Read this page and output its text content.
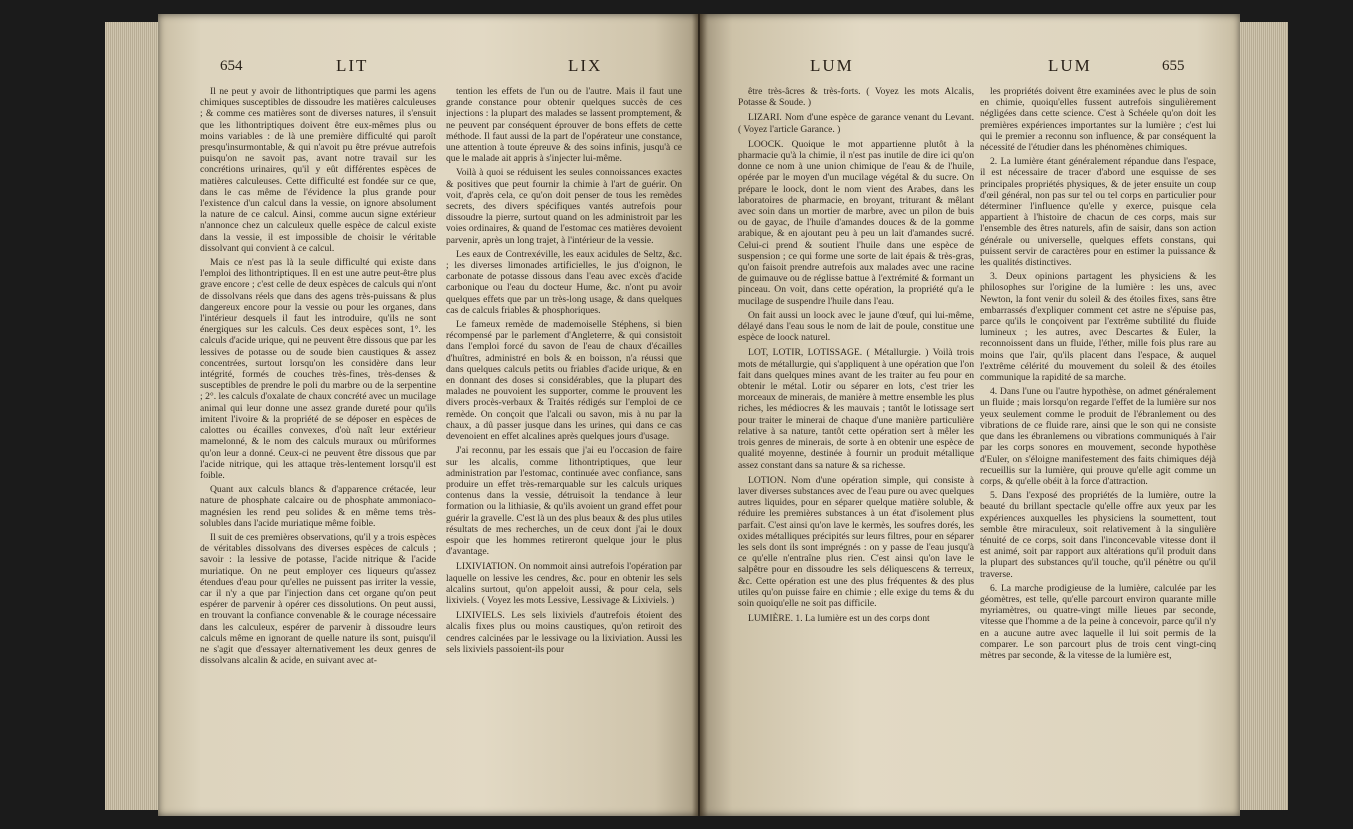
654	LIT	LIX

Il ne peut y avoir de lithontriptiques que parmi les agens chimiques susceptibles de dissoudre les matières calculeuses ; & comme ces matières sont de diverses natures, il s'ensuit que les lithontriptiques doivent être eux-mêmes plus ou moins variables : de là une première difficulté qui paroît presqu'insurmontable, & qui n'avoit pu être prévue autrefois puisqu'on ne savoit pas, avant notre travail sur les concrétions urinaires, qu'il y eût différentes espèces de matières calculeuses. Cette difficulté est fondée sur ce que, dans le cas même de l'évidence la plus grande pour l'existence d'un calcul dans la vessie, on ignore absolument la nature de ce calcul. Ainsi, comme aucun signe extérieur n'annonce chez un calculeux quelle espèce de calcul existe dans la vessie, il est impossible de choisir le véritable dissolvant qui convient à ce calcul.

Mais ce n'est pas là la seule difficulté qui existe dans l'emploi des lithontriptiques. Il en est une autre peut-être plus grave encore ; c'est celle de deux espèces de calculs qui n'ont de dissolvans réels que dans des agens très-puissans & plus dangereux encore pour la vessie ou pour les organes, dans l'intérieur desquels il faut les introduire, qu'ils ne sont énergiques sur les calculs. Ces deux espèces sont, 1°. les calculs d'acide urique, qui ne peuvent être dissous que par les lessives de potasse ou de soude bien caustiques & assez concentrées, surtout lorsqu'on les considère dans leur intégrité, formés de couches très-fines, très-denses & susceptibles de prendre le poli du marbre ou de la serpentine ; 2°. les calculs d'oxalate de chaux concrété avec un mucilage animal qui leur donne une assez grande dureté pour qu'ils imitent l'ivoire & la propriété de se déposer en espèces de calottes ou écailles convexes, d'où naît leur extérieur mamelonné, & le nom des calculs muraux ou mûriformes qu'on leur a donné. Ceux-ci ne peuvent être dissous que par l'acide nitrique, qui les attaque très-lentement lorsqu'il est foible.

Quant aux calculs blancs & d'apparence crétacée, leur nature de phosphate calcaire ou de phosphate ammoniaco-magnésien les rend peu solides & en même tems très-solubles dans l'acide muriatique même foible.

Il suit de ces premières observations, qu'il y a trois espèces de véritables dissolvans des diverses espèces de calculs ; savoir : la lessive de potasse, l'acide nitrique & l'acide muriatique. On ne peut employer ces liqueurs qu'assez étendues d'eau pour qu'elles ne puissent pas irriter la vessie, car il n'y a que par l'injection dans cet organe qu'on peut espérer de parvenir à opérer ces dissolutions. On peut aussi, en trouvant la confiance convenable & le courage nécessaire dans les calculeux, espérer de parvenir à dissoudre leurs calculs même en ignorant de quelle nature ils sont, puisqu'il ne s'agit que d'essayer alternativement les deux genres de dissolvans alcalin & acide, en suivant avec at-

tention les effets de l'un ou de l'autre. Mais il faut une grande constance pour obtenir quelques succès de ces injections : la plupart des malades se lassent promptement, & ne peuvent par conséquent éprouver de bons effets de cette méthode. Il faut aussi de la part de l'opérateur une constance, une attention à toute épreuve & des soins infinis, jusqu'à ce que le malade ait appris à s'injecter lui-même.

Voilà à quoi se réduisent les seules connoissances exactes & positives que peut fournir la chimie à l'art de guérir. On voit, d'après cela, ce qu'on doit penser de tous les remèdes secrets, des divers spécifiques vantés autrefois pour dissoudre la pierre, surtout quand on les administroit par les voies ordinaires, & quand de l'estomac ces matières devoient parvenir, après un long trajet, à l'intérieur de la vessie.

Les eaux de Contrexéville, les eaux acidules de Seltz, &c. ; les diverses limonades artificielles, le jus d'oignon, le carbonate de potasse dissous dans l'eau avec excès d'acide carbonique ou l'eau du docteur Hume, &c. n'ont pu avoir quelques effets que par un très-long usage, & dans quelques cas de calculs friables & phosphoriques.

Le fameux remède de mademoiselle Stéphens, si bien récompensé par le parlement d'Angleterre, & qui consistoit dans l'emploi forcé du savon de l'eau de chaux d'écailles d'huîtres, administré en bols & en boisson, n'a réussi que dans quelques calculs petits ou friables d'acide urique, & en en donnant des doses si considérables, que la plupart des malades ne pouvoient les supporter, comme le prouvent les divers procès-verbaux & Traités rédigés sur l'emploi de ce remède. On conçoit que l'alcali ou savon, mis à nu par la chaux, a dû passer jusque dans les urines, qui dans ce cas devenoient en effet alcalines après quelques jours d'usage.

J'ai reconnu, par les essais que j'ai eu l'occasion de faire sur les alcalis, comme lithontriptiques, que leur administration par l'estomac, continuée avec confiance, sans produire un effet très-remarquable sur les calculs uriques contenus dans la vessie, détruisoit la tendance à leur formation ou la lithiasie, & qu'ils avoient un grand effet pour guérir la gravelle. C'est là un des plus beaux & des plus utiles résultats de mes recherches, un de ceux dont j'ai le doux espoir que les hommes retireront quelque jour le plus d'avantage.

LIXIVIATION. On nommoit ainsi autrefois l'opération par laquelle on lessive les cendres, &c. pour en obtenir les sels alcalins surtout, qu'on appeloit aussi, & pour cela, sels lixiviels. ( Voyez les mots Lessive, Lessivage & Lixiviels. )

LIXIVIELS. Les sels lixiviels d'autrefois étoient des alcalis fixes plus ou moins caustiques, qu'on retiroit des cendres calcinées par le lessivage ou la lixiviation. Aussi les sels lixiviels passoient-ils pour

LUM	LUM	655

être très-âcres & très-forts. ( Voyez les mots Alcalis, Potasse & Soude. )

LIZARI. Nom d'une espèce de garance venant du Levant. ( Voyez l'article Garance. )

LOOCK. Quoique le mot appartienne plutôt à la pharmacie qu'à la chimie, il n'est pas inutile de dire ici qu'on donne ce nom à une union chimique de l'eau & de l'huile, opérée par le moyen d'un mucilage végétal & du sucre. On prépare le loock, dont le nom vient des Arabes, dans les laboratoires de pharmacie, en broyant, triturant & mêlant avec soin dans un mortier de marbre, avec un pilon de buis ou de gayac, de l'huile d'amandes douces & de la gomme arabique, & en ajoutant peu à peu un lait d'amandes sucré. Celui-ci prend & soutient l'huile dans une espèce de suspension ; ce qui forme une sorte de lait épais & très-gras, qu'on faisoit prendre autrefois aux malades avec une racine de guimauve ou de réglisse battue à l'extrémité & formant un pinceau. On voit, dans cette opération, la propriété qu'a le mucilage de suspendre l'huile dans l'eau.

On fait aussi un loock avec le jaune d'œuf, qui lui-même, délayé dans l'eau sous le nom de lait de poule, constitue une espèce de loock naturel.

LOT, LOTIR, LOTISSAGE. ( Métallurgie. ) Voilà trois mots de métallurgie, qui s'appliquent à une opération que l'on fait dans quelques mines avant de les traiter au feu pour en obtenir le métal. Lotir ou séparer en lots, c'est trier les morceaux de minerais, de manière à mettre ensemble les plus riches, les médiocres & les mauvais ; tantôt le lotissage sert pour traiter le minerai de chaque d'une manière particulière relative à sa nature, tantôt cette opération sert à mêler les trois genres de minerais, de sorte à en obtenir une espèce de qualité moyenne, destinée à fournir un produit métallique assez constant dans sa nature & sa richesse.

LOTION. Nom d'une opération simple, qui consiste à laver diverses substances avec de l'eau pure ou avec quelques autres liquides, pour en séparer quelque matière soluble, & réduire les premières substances à un état d'isolement plus parfait. C'est ainsi qu'on lave le kermès, les soufres dorés, les oxides métalliques précipités sur leurs filtres, pour en séparer les sels dont ils sont imprégnés : on y passe de l'eau jusqu'à ce qu'elle n'entraîne plus rien. C'est ainsi qu'on lave le salpêtre pour en dissoudre les sels déliquescens & terreux, &c. Cette opération est une des plus fréquentes & des plus utiles qu'on puisse faire en chimie ; elle exige du tems & du soin quoiqu'elle ne soit pas difficile.

LUMIÈRE. 1. La lumière est un des corps dont

les propriétés doivent être examinées avec le plus de soin en chimie, quoiqu'elles fussent autrefois singulièrement négligées dans cette science. C'est à Schéele qu'on doit les premières expériences importantes sur la lumière ; c'est lui qui le premier a reconnu son influence, & par conséquent la nécessité de l'étudier dans les phénomènes chimiques.

2. La lumière étant généralement répandue dans l'espace, il est nécessaire de tracer d'abord une esquisse de ses principales propriétés physiques, & de jeter ensuite un coup d'œil général, non pas sur tel ou tel corps en particulier pour déterminer l'influence qu'elle y exerce, puisque cela appartient à l'histoire de chacun de ces corps, mais sur l'ensemble des êtres naturels, afin de saisir, dans son action générale ou universelle, quelques effets constans, qui puissent servir de caractères pour en estimer la puissance & les qualités distinctives.

3. Deux opinions partagent les physiciens & les philosophes sur l'origine de la lumière : les uns, avec Newton, la font venir du soleil & des étoiles fixes, sans être embarrassés d'expliquer comment cet astre ne s'épuise pas, parce qu'ils le conçoivent par l'extrême subtilité du fluide lumineux ; les autres, avec Descartes & Euler, la reconnoissent dans un fluide, l'éther, mille fois plus rare au moins que l'air, qu'ils placent dans l'espace, & auquel l'extrême célérité du mouvement du soleil & des étoiles communique la rapidité de sa marche.

4. Dans l'une ou l'autre hypothèse, on admet généralement un fluide ; mais lorsqu'on regarde l'effet de la lumière sur nos yeux seulement comme le produit de l'ébranlement ou des vibrations de ce fluide rare, ainsi que le son qui ne consiste que dans les ébranlemens ou vibrations communiqués à l'air par les corps sonores en mouvement, seconde hypothèse d'Euler, on s'éloigne manifestement des faits chimiques déjà recueillis sur la lumière, qui prouve qu'elle agit comme un corps, & qu'elle obéit à la force d'attraction.

5. Dans l'exposé des propriétés de la lumière, outre la beauté du brillant spectacle qu'elle offre aux yeux par les expériences auxquelles les physiciens la soumettent, tout semble être miraculeux, soit relativement à la singulière ténuité de ce corps, soit dans l'inconcevable vitesse dont il est animé, soit par rapport aux altérations qu'il produit dans la plupart des substances qu'il touche, qu'il pénètre ou qu'il traverse.

6. La marche prodigieuse de la lumière, calculée par les géomètres, est telle, qu'elle parcourt environ quarante mille myriamètres, ou quatre-vingt mille lieues par seconde, vitesse que l'homme a de la peine à concevoir, parce qu'il n'y en a aucune autre avec laquelle il lui soit permis de la comparer. Le son parcourt plus de trois cent vingt-cinq mètres par seconde, & la vitesse de la lumière est,
